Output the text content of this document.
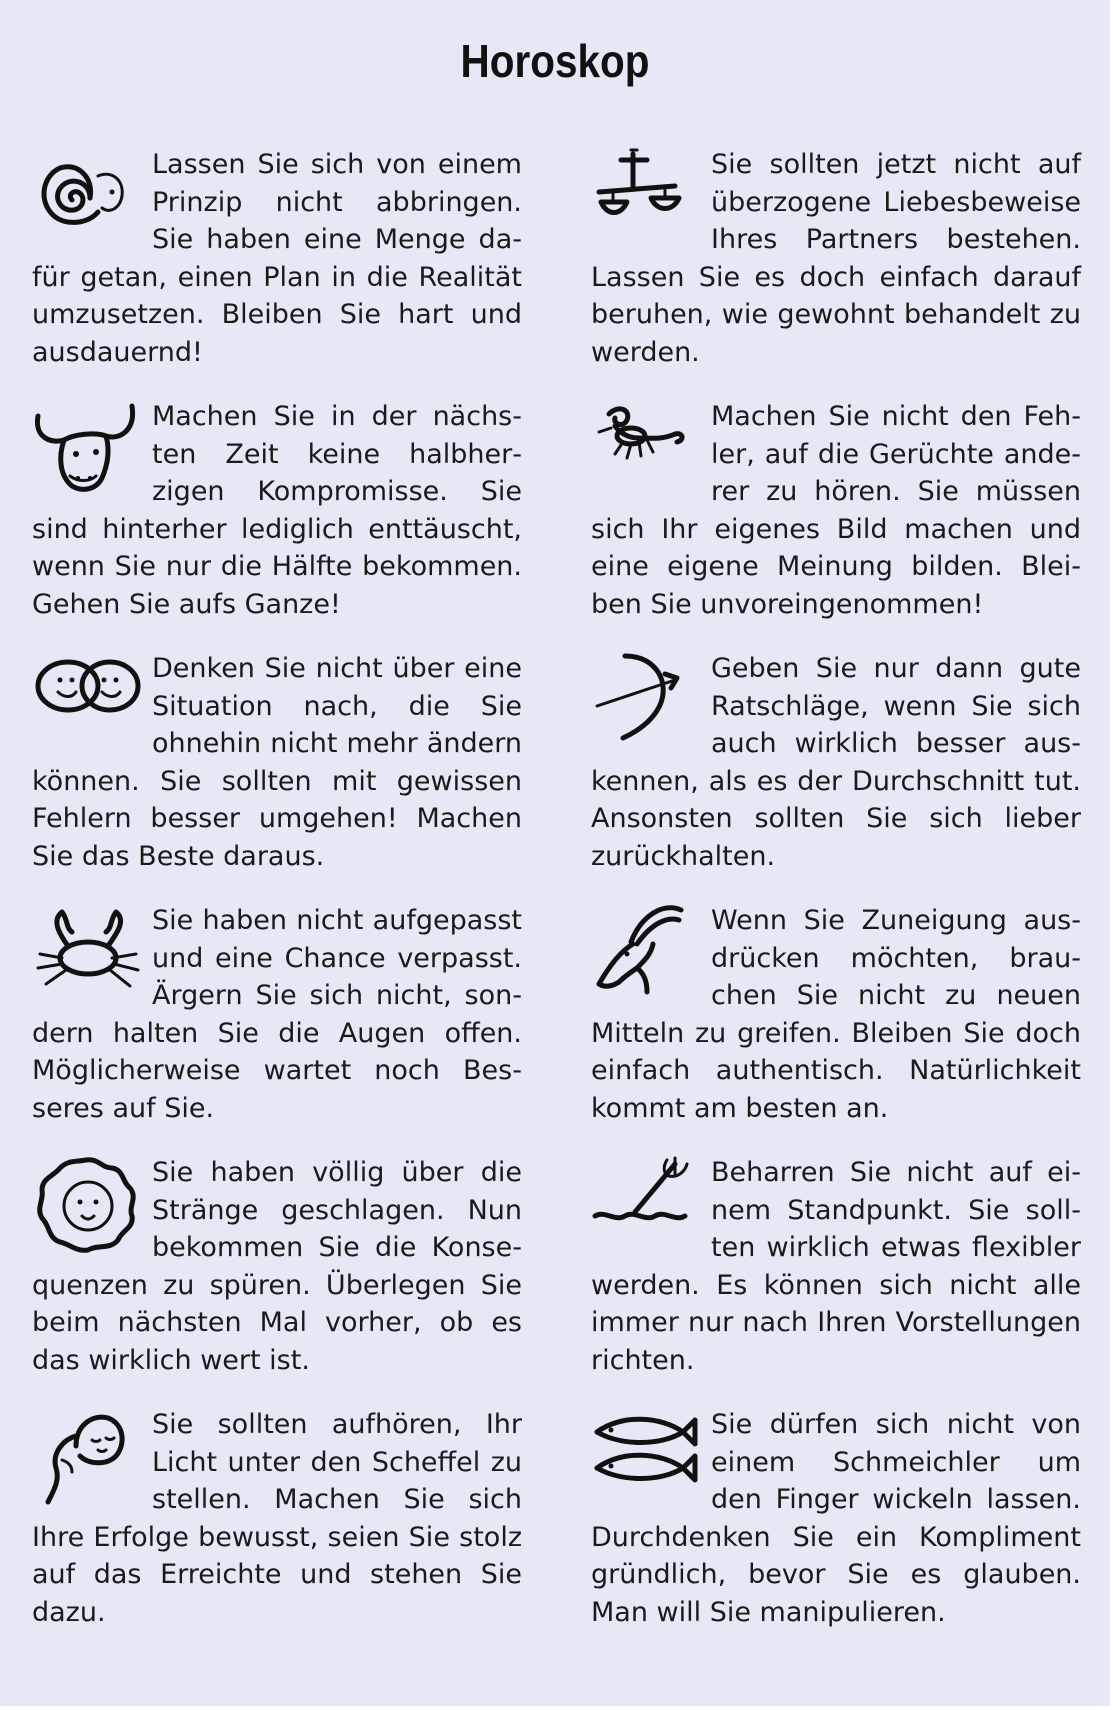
Horoskop

Lassen Sie sich von einem Prinzip nicht abbringen. Sie haben eine Menge dafür getan, einen Plan in die Realität umzusetzen. Bleiben Sie hart und ausdauernd!

Machen Sie in der nächsten Zeit keine halbherzigen Kompromisse. Sie sind hinterher lediglich enttäuscht, wenn Sie nur die Hälfte bekommen. Gehen Sie aufs Ganze!

Denken Sie nicht über eine Situation nach, die Sie ohnehin nicht mehr ändern können. Sie sollten mit gewissen Fehlern besser umgehen! Machen Sie das Beste daraus.

Sie haben nicht aufgepasst und eine Chance verpasst. Ärgern Sie sich nicht, sondern halten Sie die Augen offen. Möglicherweise wartet noch Besseres auf Sie.

Sie haben völlig über die Stränge geschlagen. Nun bekommen Sie die Konsequenzen zu spüren. Überlegen Sie beim nächsten Mal vorher, ob es das wirklich wert ist.

Sie sollten aufhören, Ihr Licht unter den Scheffel zu stellen. Machen Sie sich Ihre Erfolge bewusst, seien Sie stolz auf das Erreichte und stehen Sie dazu.

Sie sollten jetzt nicht auf überzogene Liebesbeweise Ihres Partners bestehen. Lassen Sie es doch einfach darauf beruhen, wie gewohnt behandelt zu werden.

Machen Sie nicht den Fehler, auf die Gerüchte anderer zu hören. Sie müssen sich Ihr eigenes Bild machen und eine eigene Meinung bilden. Bleiben Sie unvoreingenommen!

Geben Sie nur dann gute Ratschläge, wenn Sie sich auch wirklich besser auskennen, als es der Durchschnitt tut. Ansonsten sollten Sie sich lieber zurückhalten.

Wenn Sie Zuneigung ausdrücken möchten, brauchen Sie nicht zu neuen Mitteln zu greifen. Bleiben Sie doch einfach authentisch. Natürlichkeit kommt am besten an.

Beharren Sie nicht auf einem Standpunkt. Sie sollten wirklich etwas flexibler werden. Es können sich nicht alle immer nur nach Ihren Vorstellungen richten.

Sie dürfen sich nicht von einem Schmeichler um den Finger wickeln lassen. Durchdenken Sie ein Kompliment gründlich, bevor Sie es glauben. Man will Sie manipulieren.
